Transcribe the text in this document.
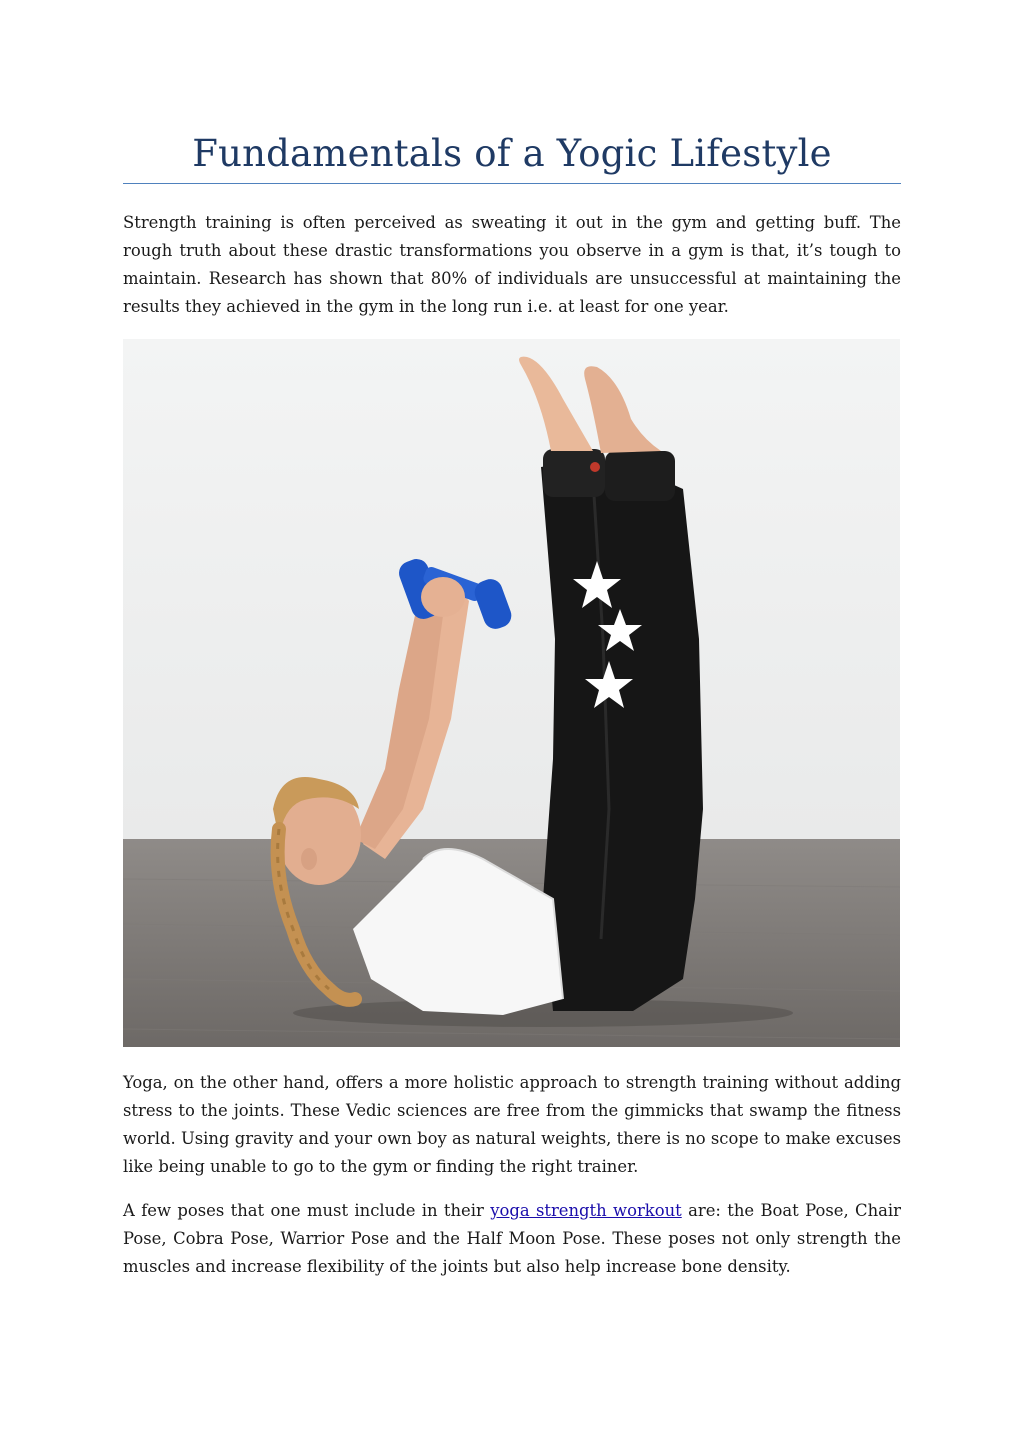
Fundamentals of a Yogic Lifestyle

Strength training is often perceived as sweating it out in the gym and getting buff. The rough truth about these drastic transformations you observe in a gym is that, it’s tough to maintain. Research has shown that 80% of individuals are unsuccessful at maintaining the results they achieved in the gym in the long run i.e. at least for one year.

Yoga, on the other hand, offers a more holistic approach to strength training without adding stress to the joints. These Vedic sciences are free from the gimmicks that swamp the fitness world. Using gravity and your own boy as natural weights, there is no scope to make excuses like being unable to go to the gym or finding the right trainer.

A few poses that one must include in their yoga strength workout are: the Boat Pose, Chair Pose, Cobra Pose, Warrior Pose and the Half Moon Pose. These poses not only strength the muscles and increase flexibility of the joints but also help increase bone density.
